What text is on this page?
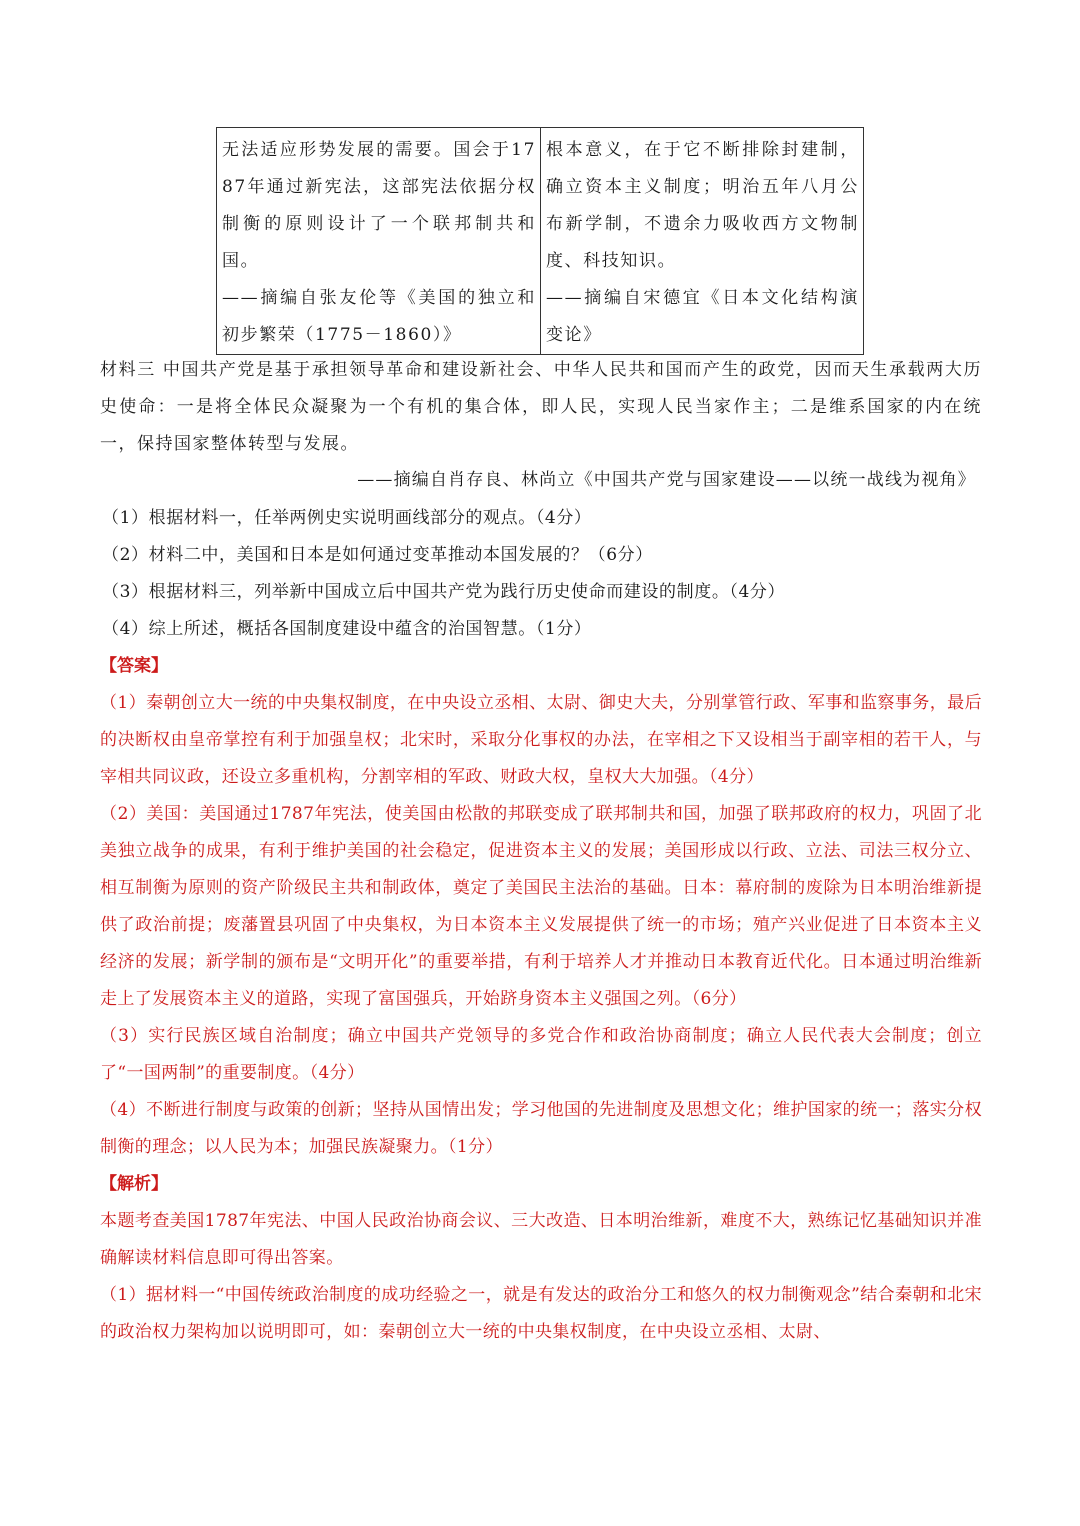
无法适应形势发展的需要。国会于1787年通过新宪法，这部宪法依据分权制衡的原则设计了一个联邦制共和国。

——摘编自张友伦等《美国的独立和初步繁荣（1775－1860）》

根本意义，在于它不断排除封建制，确立资本主义制度；明治五年八月公布新学制，不遗余力吸收西方文物制度、科技知识。

——摘编自宋德宜《日本文化结构演变论》

材料三 中国共产党是基于承担领导革命和建设新社会、中华人民共和国而产生的政党，因而天生承载两大历史使命：一是将全体民众凝聚为一个有机的集合体，即人民，实现人民当家作主；二是维系国家的内在统一，保持国家整体转型与发展。

——摘编自肖存良、林尚立《中国共产党与国家建设——以统一战线为视角》

（1）根据材料一，任举两例史实说明画线部分的观点。（4分）

（2）材料二中，美国和日本是如何通过变革推动本国发展的？（6分）

（3）根据材料三，列举新中国成立后中国共产党为践行历史使命而建设的制度。（4分）

（4）综上所述，概括各国制度建设中蕴含的治国智慧。（1分）

【答案】

（1）秦朝创立大一统的中央集权制度，在中央设立丞相、太尉、御史大夫，分别掌管行政、军事和监察事务，最后的决断权由皇帝掌控有利于加强皇权；北宋时，采取分化事权的办法，在宰相之下又设相当于副宰相的若干人，与宰相共同议政，还设立多重机构，分割宰相的军政、财政大权，皇权大大加强。（4分）

（2）美国：美国通过1787年宪法，使美国由松散的邦联变成了联邦制共和国，加强了联邦政府的权力，巩固了北美独立战争的成果，有利于维护美国的社会稳定，促进资本主义的发展；美国形成以行政、立法、司法三权分立、相互制衡为原则的资产阶级民主共和制政体，奠定了美国民主法治的基础。日本：幕府制的废除为日本明治维新提供了政治前提；废藩置县巩固了中央集权，为日本资本主义发展提供了统一的市场；殖产兴业促进了日本资本主义经济的发展；新学制的颁布是“文明开化”的重要举措，有利于培养人才并推动日本教育近代化。日本通过明治维新走上了发展资本主义的道路，实现了富国强兵，开始跻身资本主义强国之列。（6分）

（3）实行民族区域自治制度；确立中国共产党领导的多党合作和政治协商制度；确立人民代表大会制度；创立了“一国两制”的重要制度。（4分）

（4）不断进行制度与政策的创新；坚持从国情出发；学习他国的先进制度及思想文化；维护国家的统一；落实分权制衡的理念；以人民为本；加强民族凝聚力。（1分）

【解析】

本题考查美国1787年宪法、中国人民政治协商会议、三大改造、日本明治维新，难度不大，熟练记忆基础知识并准确解读材料信息即可得出答案。

（1）据材料一“中国传统政治制度的成功经验之一，就是有发达的政治分工和悠久的权力制衡观念”结合秦朝和北宋的政治权力架构加以说明即可，如：秦朝创立大一统的中央集权制度，在中央设立丞相、太尉、
